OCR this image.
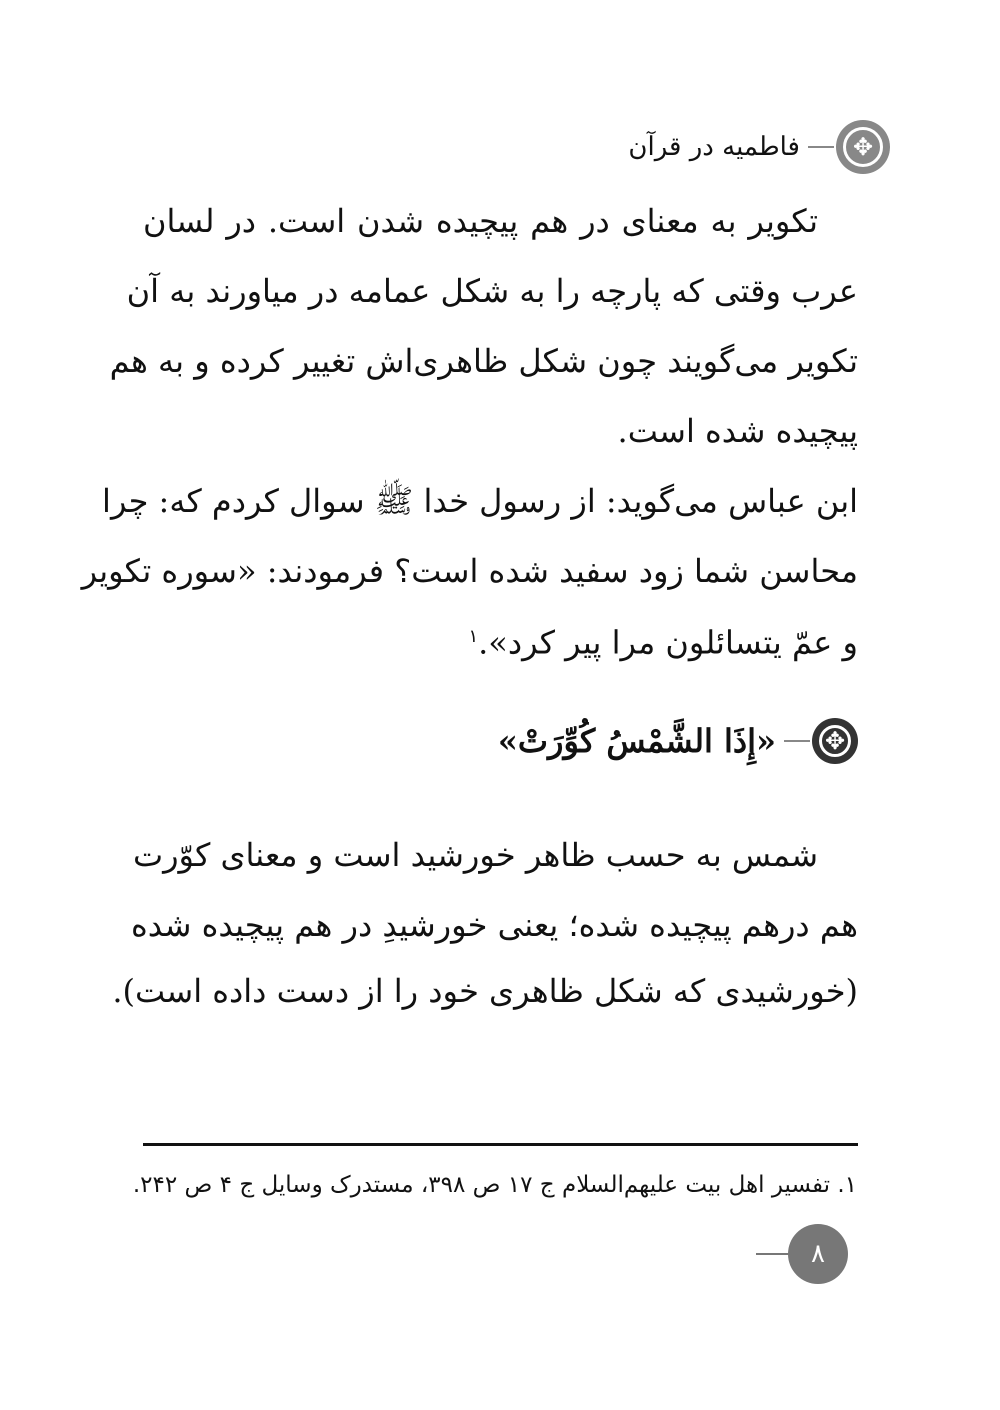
✥
فاطمیه در قرآن
تکویر به معنای در هم پیچیده شدن است. در لسان
عرب وقتی که پارچه را به شکل عمامه در میاورند به آن
تکویر می‌گویند چون شکل ظاهری‌اش تغییر کرده و به هم
پیچیده شده است.
ابن عباس می‌گوید: از رسول خدا ﷺ سوال کردم که: چرا
محاسن شما زود سفید شده است؟ فرمودند: «سوره تکویر
و عمّ یتسائلون مرا پیر کرد».$^۱$
✥
«إِذَا الشَّمْسُ کُوِّرَتْ»
شمس به حسب ظاهر خورشید است و معنای کوّرت
هم درهم پیچیده شده؛ یعنی خورشیدِ در هم پیچیده شده
(خورشیدی که شکل ظاهری خود را از دست داده است).
۱. تفسیر اهل بیت علیهم‌السلام ج ۱۷ ص ۳۹۸، مستدرک وسایل ج ۴ ص ۲۴۲.
۸
